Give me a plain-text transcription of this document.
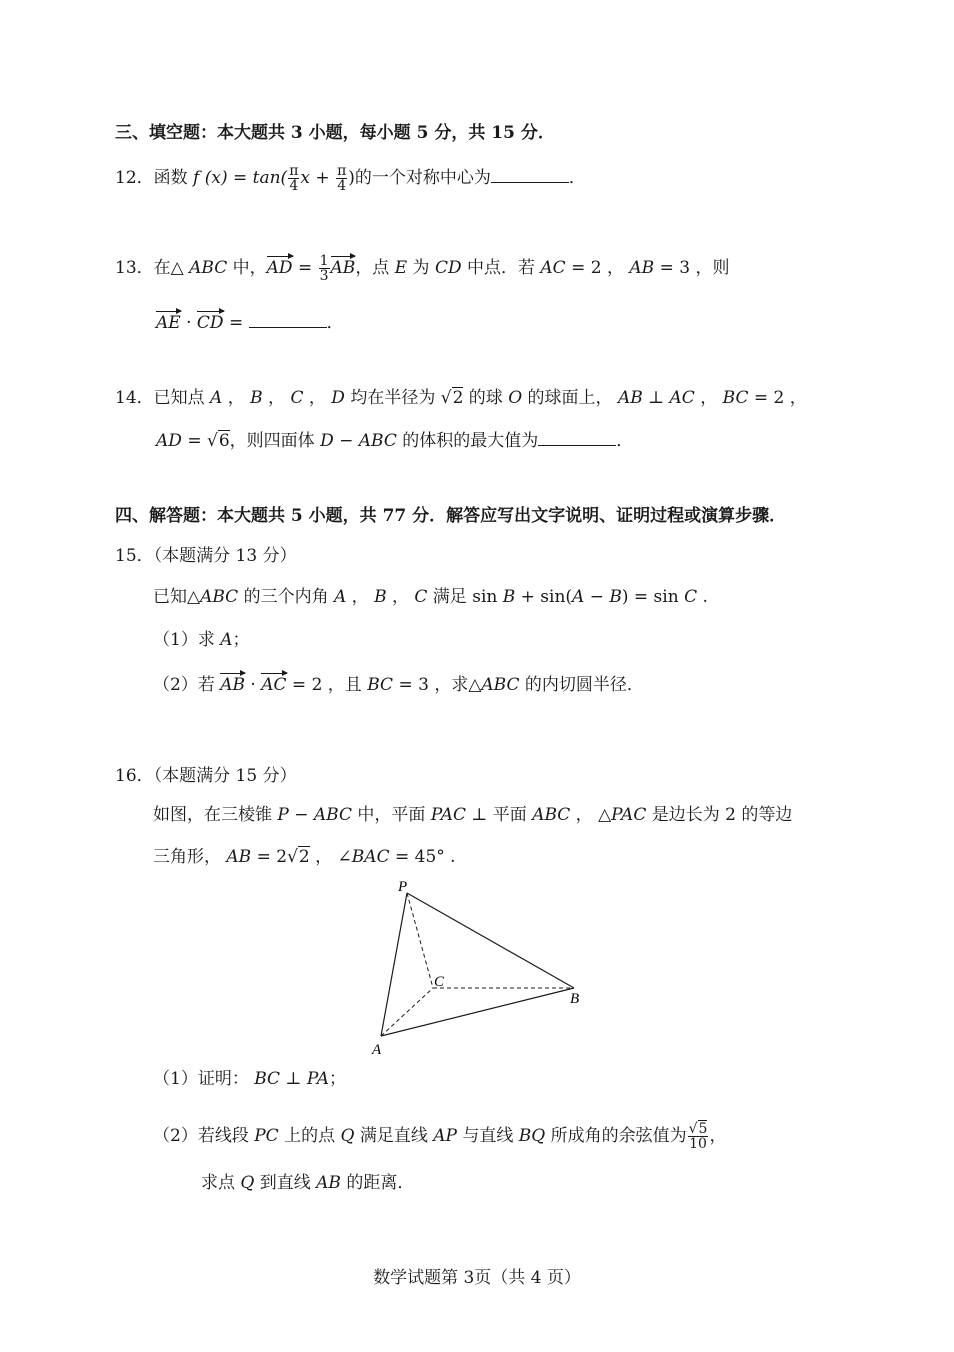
三、填空题：本大题共 3 小题，每小题 5 分，共 15 分．
12．函数 f $(x) = \tan( \frac{\pi}{4}$ $x + \frac{\pi}{4}$ )的一个对称中心为	．
13．在△ ABC 中，AD = $\frac{1}{3}$ AB，点 E 为 CD 中点．若 AC = 2 ， AB = 3 ，则
AE · CD =	．
14．已知点 A ， B ， C ， D 均在半径为 √2 的球 O 的球面上， AB ⊥ AC ， BC = 2 ，
AD = √6，则四面体 D − ABC 的体积的最大值为	．
四、解答题：本大题共 5 小题，共 77 分．解答应写出文字说明、证明过程或演算步骤．
15．（本题满分 13 分）
已知△ABC 的三个内角 A ， B ， C 满足 sin B + sin(A − B) = sin C .
（1）求 A；
（2）若 AB · AC = 2 ，且 BC = 3 ，求△ABC 的内切圆半径．
16．（本题满分 15 分）
如图，在三棱锥 P − ABC 中，平面 PAC ⊥ 平面 ABC ， △PAC 是边长为 2 的等边
三角形， AB = 2√2 ， ∠BAC = 45° .
P
C
B
A
（1）证明： BC ⊥ PA；
（2）若线段 PC 上的点 Q 满足直线 AP 与直线 BQ 所成角的余弦值为 $\frac{√5}{10}$ ，
求点 Q 到直线 AB 的距离．
数学试题第 3页（共 4 页）
